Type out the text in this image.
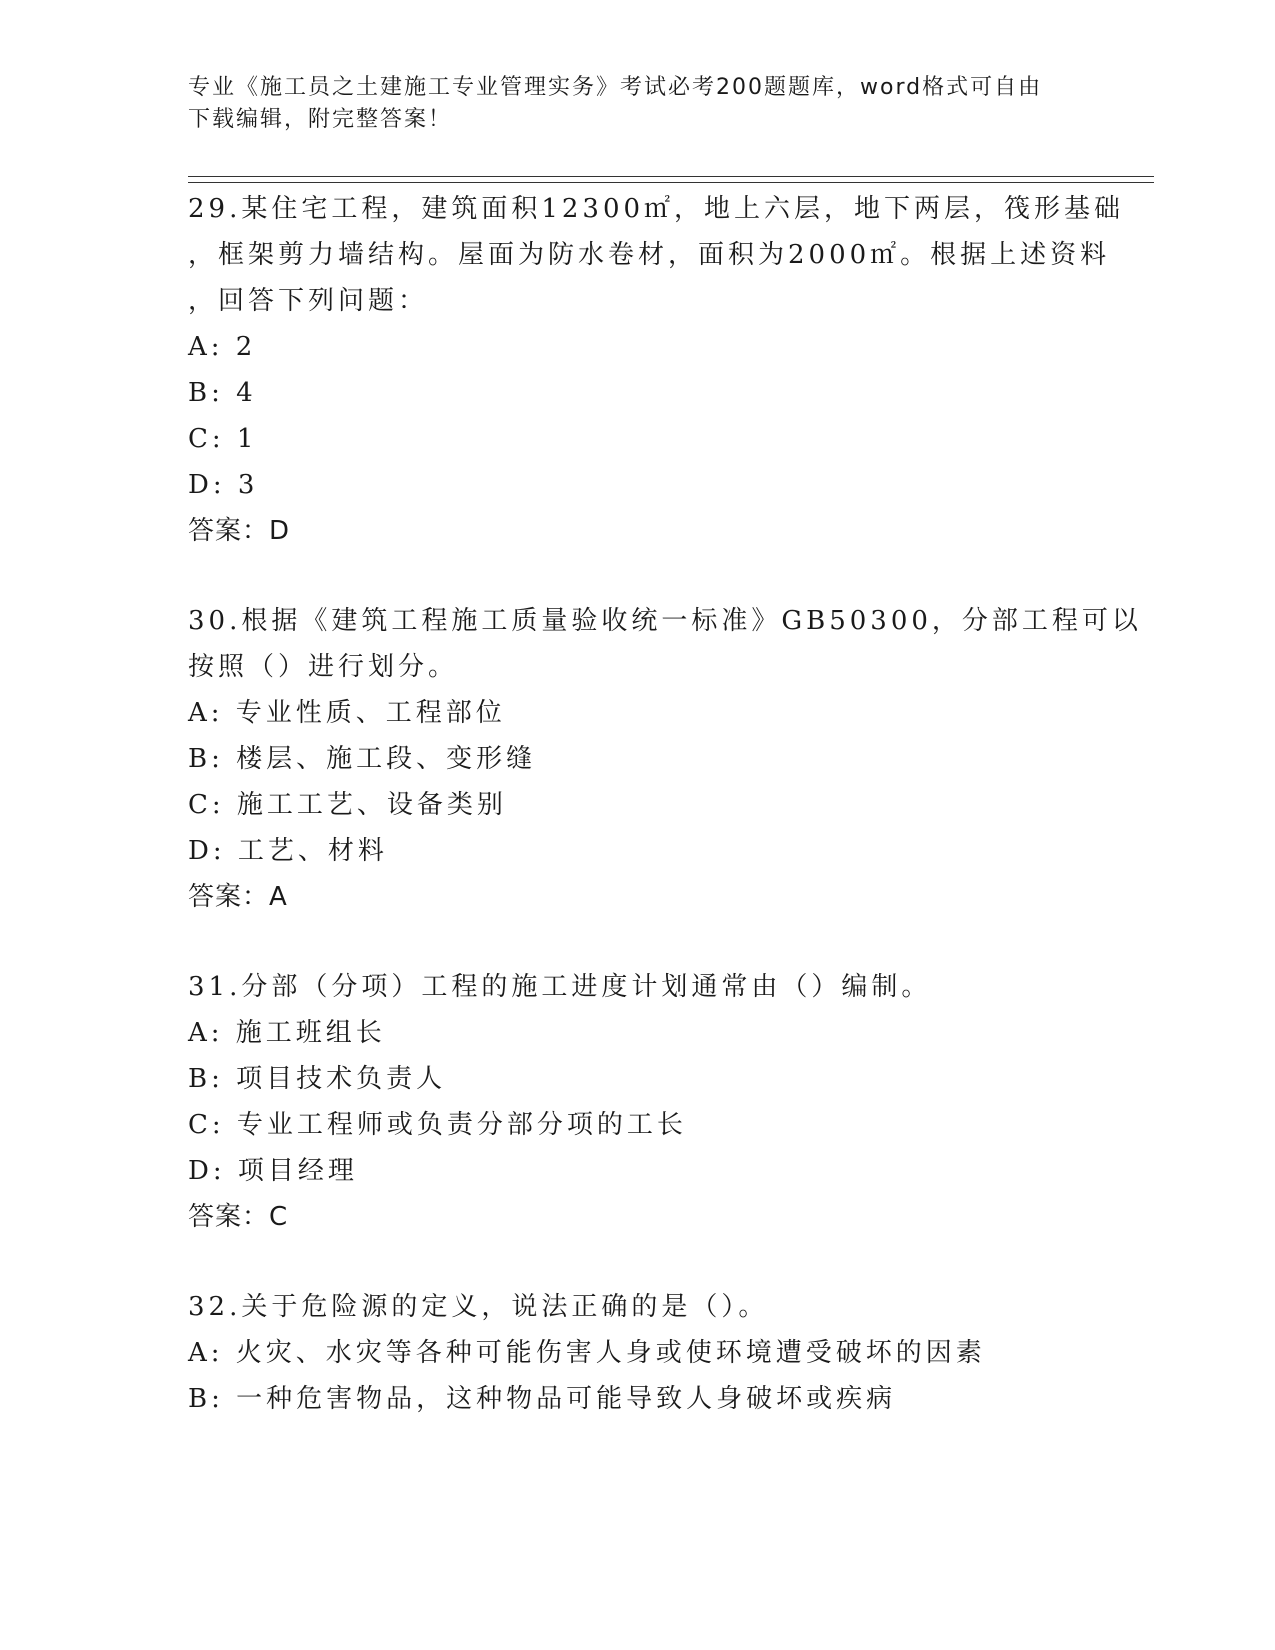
专业《施工员之土建施工专业管理实务》考试必考200题题库，word格式可自由
下载编辑，附完整答案！
29.某住宅工程，建筑面积12300㎡，地上六层，地下两层，筏形基础
，框架剪力墙结构。屋面为防水卷材，面积为2000㎡。根据上述资料
，回答下列问题：
A: 2
B: 4
C: 1
D: 3
答案：D
30.根据《建筑工程施工质量验收统一标准》GB50300，分部工程可以
按照（）进行划分。
A: 专业性质、工程部位
B: 楼层、施工段、变形缝
C: 施工工艺、设备类别
D: 工艺、材料
答案：A
31.分部（分项）工程的施工进度计划通常由（）编制。
A: 施工班组长
B: 项目技术负责人
C: 专业工程师或负责分部分项的工长
D: 项目经理
答案：C
32.关于危险源的定义，说法正确的是（）。
A: 火灾、水灾等各种可能伤害人身或使环境遭受破坏的因素
B: 一种危害物品，这种物品可能导致人身破坏或疾病
